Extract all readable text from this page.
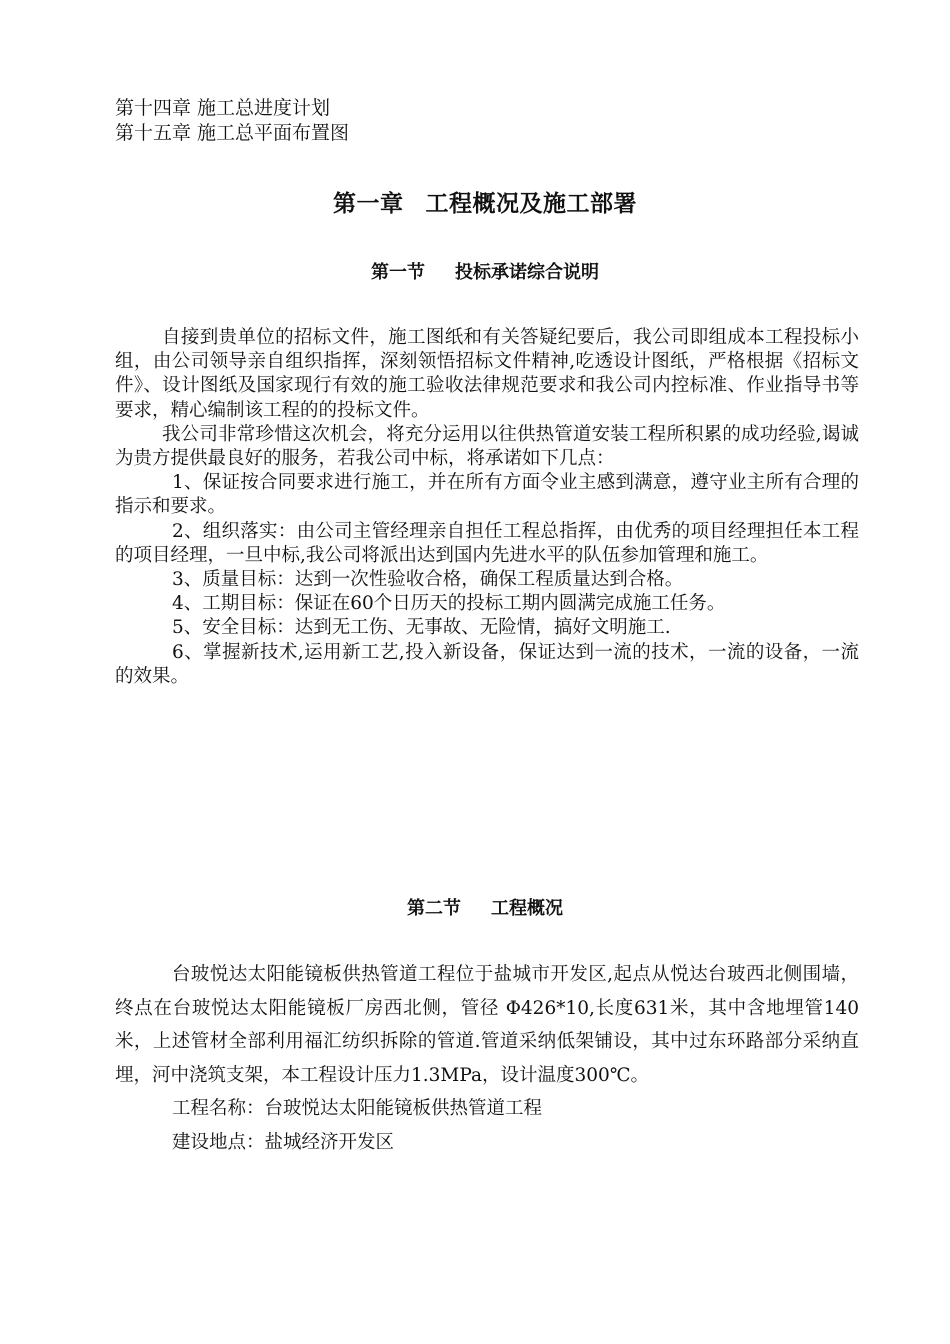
第十四章 施工总进度计划
第十五章 施工总平面布置图
第一章 工程概况及施工部署
第一节 投标承诺综合说明

自接到贵单位的招标文件，施工图纸和有关答疑纪要后，我公司即组成本工程投标小组，由公司领导亲自组织指挥，深刻领悟招标文件精神,吃透设计图纸，严格根据《招标文件》、设计图纸及国家现行有效的施工验收法律规范要求和我公司内控标准、作业指导书等要求，精心编制该工程的的投标文件。

我公司非常珍惜这次机会，将充分运用以往供热管道安装工程所积累的成功经验,谒诚为贵方提供最良好的服务，若我公司中标，将承诺如下几点：

1、保证按合同要求进行施工，并在所有方面令业主感到满意，遵守业主所有合理的指示和要求。

2、组织落实：由公司主管经理亲自担任工程总指挥，由优秀的项目经理担任本工程的项目经理，一旦中标,我公司将派出达到国内先进水平的队伍参加管理和施工。

3、质量目标：达到一次性验收合格，确保工程质量达到合格。

4、工期目标：保证在60个日历天的投标工期内圆满完成施工任务。

5、安全目标：达到无工伤、无事故、无险情，搞好文明施工.

6、掌握新技术,运用新工艺,投入新设备，保证达到一流的技术，一流的设备，一流的效果。

第二节 工程概况

台玻悦达太阳能镜板供热管道工程位于盐城市开发区,起点从悦达台玻西北侧围墙，终点在台玻悦达太阳能镜板厂房西北侧，管径 Φ426*10,长度631米，其中含地埋管140米，上述管材全部利用福汇纺织拆除的管道.管道采纳低架铺设，其中过东环路部分采纳直埋，河中浇筑支架，本工程设计压力1.3MPa，设计温度300℃。

工程名称：台玻悦达太阳能镜板供热管道工程

建设地点：盐城经济开发区
